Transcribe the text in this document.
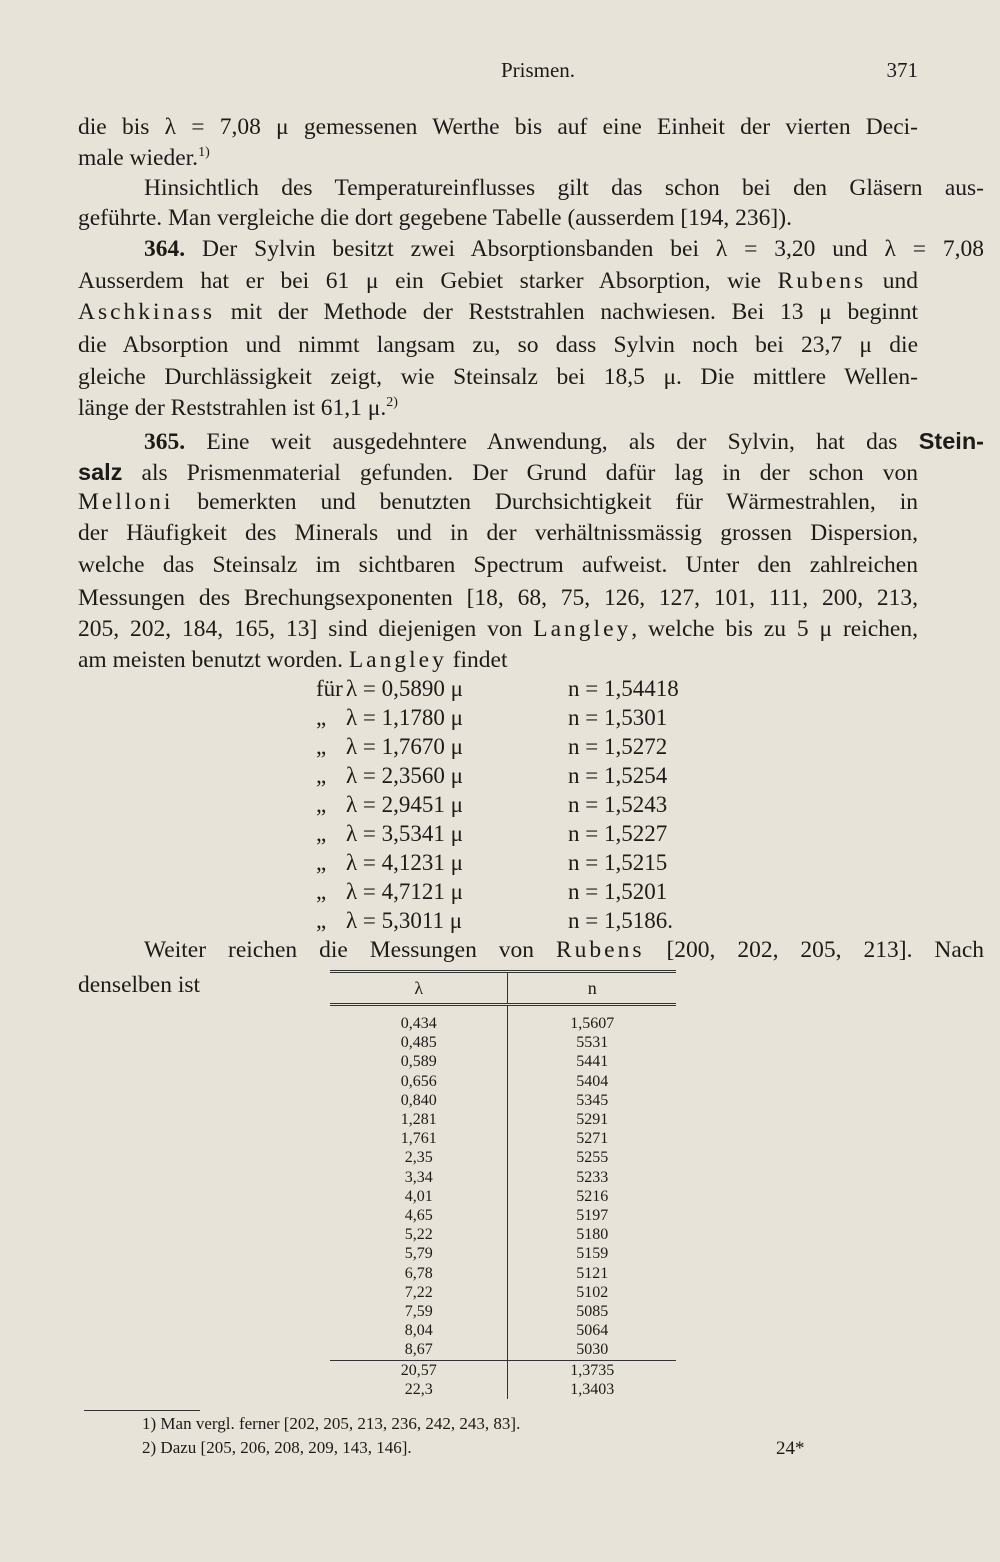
Prismen.	371
die bis λ = 7,08 μ gemessenen Werthe bis auf eine Einheit der vierten Deci-
male wieder.$^{1)}$
Hinsichtlich des Temperatureinflusses gilt das schon bei den Gläsern aus-
geführte. Man vergleiche die dort gegebene Tabelle (ausserdem [194, 236]).
364. Der Sylvin besitzt zwei Absorptionsbanden bei λ = 3,20 und λ = 7,08
Ausserdem hat er bei 61 μ ein Gebiet starker Absorption, wie Rubens und
Aschkinass mit der Methode der Reststrahlen nachwiesen. Bei 13 μ beginnt
die Absorption und nimmt langsam zu, so dass Sylvin noch bei 23,7 μ die
gleiche Durchlässigkeit zeigt, wie Steinsalz bei 18,5 μ. Die mittlere Wellen-
länge der Reststrahlen ist 61,1 μ.$^{2)}$
365. Eine weit ausgedehntere Anwendung, als der Sylvin, hat das Stein-
salz als Prismenmaterial gefunden. Der Grund dafür lag in der schon von
Melloni bemerkten und benutzten Durchsichtigkeit für Wärmestrahlen, in
der Häufigkeit des Minerals und in der verhältnissmässig grossen Dispersion,
welche das Steinsalz im sichtbaren Spectrum aufweist. Unter den zahlreichen
Messungen des Brechungsexponenten [18, 68, 75, 126, 127, 101, 111, 200, 213,
205, 202, 184, 165, 13] sind diejenigen von Langley, welche bis zu 5 μ reichen,
am meisten benutzt worden. Langley findet
für λ = 0,5890 μ	n = 1,54418
„ λ = 1,1780 μ	n = 1,5301
„ λ = 1,7670 μ	n = 1,5272
„ λ = 2,3560 μ	n = 1,5254
„ λ = 2,9451 μ	n = 1,5243
„ λ = 3,5341 μ	n = 1,5227
„ λ = 4,1231 μ	n = 1,5215
„ λ = 4,7121 μ	n = 1,5201
„ λ = 5,3011 μ	n = 1,5186.
Weiter reichen die Messungen von Rubens [200, 202, 205, 213]. Nach
denselben ist	λ	n

0,434	1,5607
0,485	5531
0,589	5441
0,656	5404
0,840	5345
1,281	5291
1,761	5271
2,35	5255
3,34	5233
4,01	5216
4,65	5197
5,22	5180
5,79	5159
6,78	5121
7,22	5102
7,59	5085
8,04	5064
8,67	5030
20,57	1,3735
22,3	1,3403
1) Man vergl. ferner [202, 205, 213, 236, 242, 243, 83].
2) Dazu [205, 206, 208, 209, 143, 146].	24*
